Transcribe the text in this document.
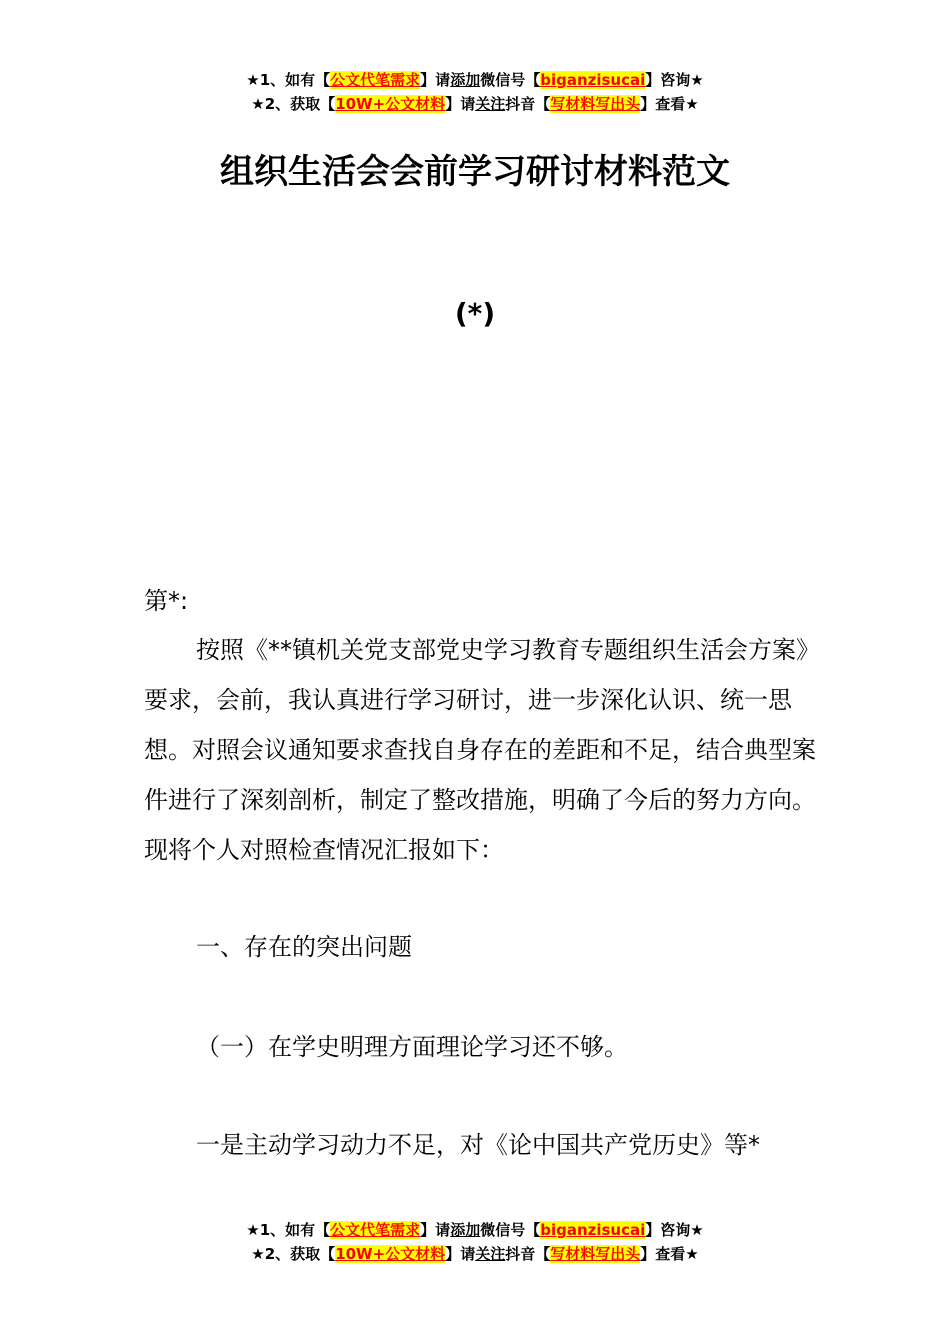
★1、如有【公文代笔需求】请添加微信号【biganzisucai】咨询★
★2、获取【10W+公文材料】请关注抖音【写材料写出头】查看★
组织生活会会前学习研讨材料范文
(*)
第*:
按照《**镇机关党支部党史学习教育专题组织生活会方案》要求，会前，我认真进行学习研讨，进一步深化认识、统一思想。对照会议通知要求查找自身存在的差距和不足，结合典型案件进行了深刻剖析，制定了整改措施，明确了今后的努力方向。现将个人对照检查情况汇报如下：
一、存在的突出问题
（一）在学史明理方面理论学习还不够。
一是主动学习动力不足，对《论中国共产党历史》等*
★1、如有【公文代笔需求】请添加微信号【biganzisucai】咨询★
★2、获取【10W+公文材料】请关注抖音【写材料写出头】查看★
